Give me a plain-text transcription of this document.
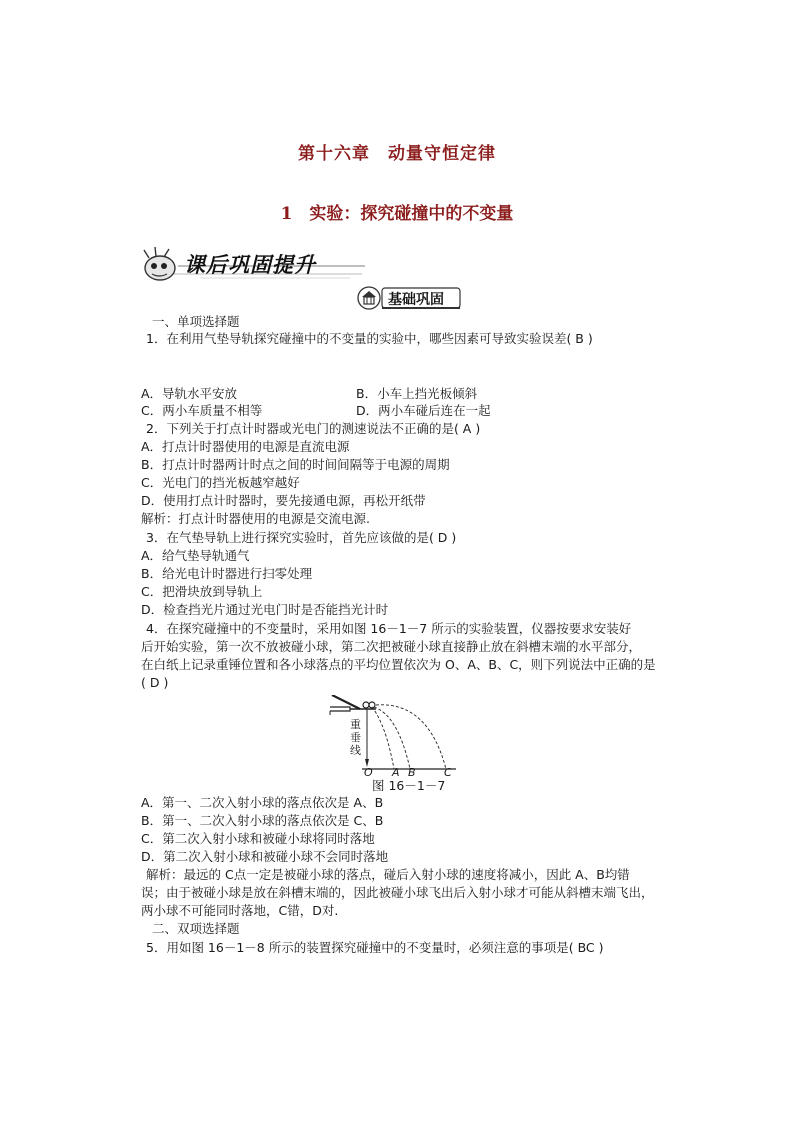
第十六章　动量守恒定律
1　实验：探究碰撞中的不变量
课后巩固提升
基础巩固
一、单项选择题
1．在利用气垫导轨探究碰撞中的不变量的实验中，哪些因素可导致实验误差( B )
A．导轨水平安放	B．小车上挡光板倾斜
C．两小车质量不相等	D．两小车碰后连在一起
2．下列关于打点计时器或光电门的测速说法不正确的是( A )
A．打点计时器使用的电源是直流电源
B．打点计时器两计时点之间的时间间隔等于电源的周期
C．光电门的挡光板越窄越好
D．使用打点计时器时，要先接通电源，再松开纸带
解析：打点计时器使用的电源是交流电源.
3．在气垫导轨上进行探究实验时，首先应该做的是( D )
A．给气垫导轨通气
B．给光电计时器进行扫零处理
C．把滑块放到导轨上
D．检查挡光片通过光电门时是否能挡光计时
4．在探究碰撞中的不变量时，采用如图 16－1－7 所示的实验装置，仪器按要求安装好
后开始实验，第一次不放被碰小球，第二次把被碰小球直接静止放在斜槽末端的水平部分，
在白纸上记录重锤位置和各小球落点的平均位置依次为 O、A、B、C，则下列说法中正确的是
( D )
重
垂
线
O A B	C
图 16－1－7
A．第一、二次入射小球的落点依次是 A、B
B．第一、二次入射小球的落点依次是 C、B
C．第二次入射小球和被碰小球将同时落地
D．第二次入射小球和被碰小球不会同时落地
解析：最远的 C点一定是被碰小球的落点，碰后入射小球的速度将减小，因此 A、B均错
误；由于被碰小球是放在斜槽末端的，因此被碰小球飞出后入射小球才可能从斜槽末端飞出，
两小球不可能同时落地，C错，D对.
二、双项选择题
5．用如图 16－1－8 所示的装置探究碰撞中的不变量时，必须注意的事项是( BC )
